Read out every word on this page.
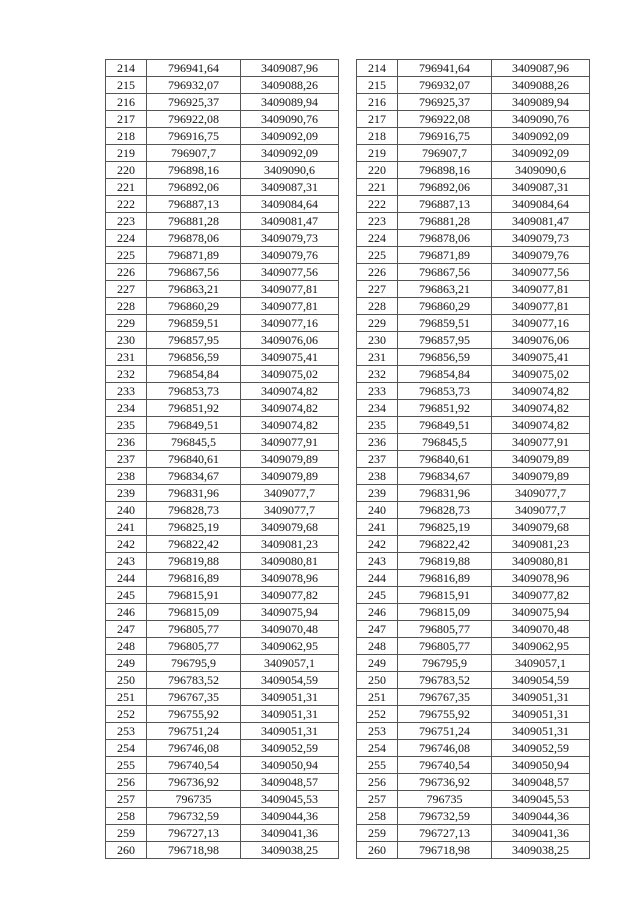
214	796941,64	3409087,96
215	796932,07	3409088,26
216	796925,37	3409089,94
217	796922,08	3409090,76
218	796916,75	3409092,09
219	796907,7	3409092,09
220	796898,16	3409090,6
221	796892,06	3409087,31
222	796887,13	3409084,64
223	796881,28	3409081,47
224	796878,06	3409079,73
225	796871,89	3409079,76
226	796867,56	3409077,56
227	796863,21	3409077,81
228	796860,29	3409077,81
229	796859,51	3409077,16
230	796857,95	3409076,06
231	796856,59	3409075,41
232	796854,84	3409075,02
233	796853,73	3409074,82
234	796851,92	3409074,82
235	796849,51	3409074,82
236	796845,5	3409077,91
237	796840,61	3409079,89
238	796834,67	3409079,89
239	796831,96	3409077,7
240	796828,73	3409077,7
241	796825,19	3409079,68
242	796822,42	3409081,23
243	796819,88	3409080,81
244	796816,89	3409078,96
245	796815,91	3409077,82
246	796815,09	3409075,94
247	796805,77	3409070,48
248	796805,77	3409062,95
249	796795,9	3409057,1
250	796783,52	3409054,59
251	796767,35	3409051,31
252	796755,92	3409051,31
253	796751,24	3409051,31
254	796746,08	3409052,59
255	796740,54	3409050,94
256	796736,92	3409048,57
257	796735	3409045,53
258	796732,59	3409044,36
259	796727,13	3409041,36
260	796718,98	3409038,25
214	796941,64	3409087,96
215	796932,07	3409088,26
216	796925,37	3409089,94
217	796922,08	3409090,76
218	796916,75	3409092,09
219	796907,7	3409092,09
220	796898,16	3409090,6
221	796892,06	3409087,31
222	796887,13	3409084,64
223	796881,28	3409081,47
224	796878,06	3409079,73
225	796871,89	3409079,76
226	796867,56	3409077,56
227	796863,21	3409077,81
228	796860,29	3409077,81
229	796859,51	3409077,16
230	796857,95	3409076,06
231	796856,59	3409075,41
232	796854,84	3409075,02
233	796853,73	3409074,82
234	796851,92	3409074,82
235	796849,51	3409074,82
236	796845,5	3409077,91
237	796840,61	3409079,89
238	796834,67	3409079,89
239	796831,96	3409077,7
240	796828,73	3409077,7
241	796825,19	3409079,68
242	796822,42	3409081,23
243	796819,88	3409080,81
244	796816,89	3409078,96
245	796815,91	3409077,82
246	796815,09	3409075,94
247	796805,77	3409070,48
248	796805,77	3409062,95
249	796795,9	3409057,1
250	796783,52	3409054,59
251	796767,35	3409051,31
252	796755,92	3409051,31
253	796751,24	3409051,31
254	796746,08	3409052,59
255	796740,54	3409050,94
256	796736,92	3409048,57
257	796735	3409045,53
258	796732,59	3409044,36
259	796727,13	3409041,36
260	796718,98	3409038,25
